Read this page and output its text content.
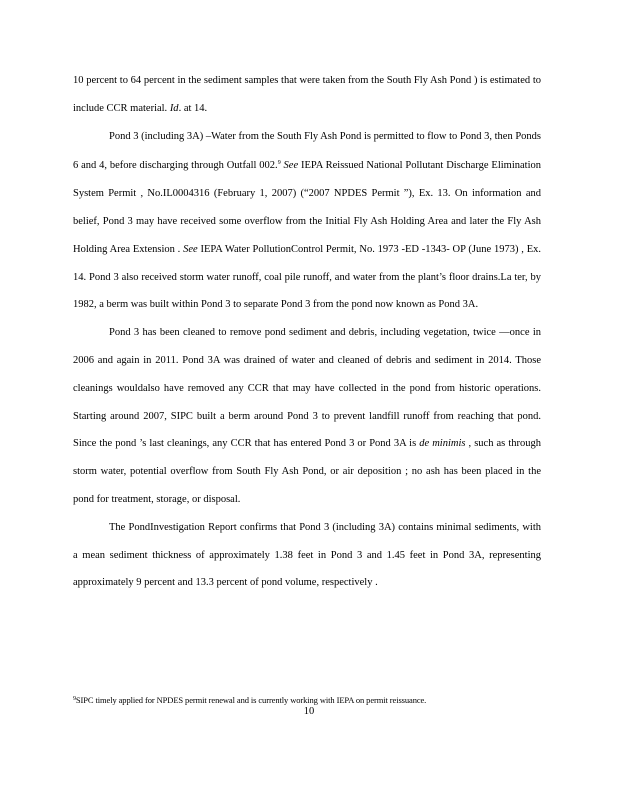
10 percent to 64 percent in the sediment samples that were taken from the South Fly Ash Pond ) is estimated to include CCR material. Id. at 14.

Pond 3 (including 3A) –Water from the South Fly Ash Pond is permitted to flow to Pond 3, then Ponds 6 and 4, before discharging through Outfall 002.$^9$ See IEPA Reissued National Pollutant Discharge Elimination System Permit , No.IL0004316 (February 1, 2007) (“2007 NPDES Permit ”), Ex. 13. On information and belief, Pond 3 may have received some overflow from the Initial Fly Ash Holding Area and later the Fly Ash Holding Area Extension . See IEPA Water PollutionControl Permit, No. 1973 -ED -1343- OP (June 1973) , Ex. 14. Pond 3 also received storm water runoff, coal pile runoff, and water from the plant’s floor drains.La ter, by 1982, a berm was built within Pond 3 to separate Pond 3 from the pond now known as Pond 3A.

Pond 3 has been cleaned to remove pond sediment and debris, including vegetation, twice —once in 2006 and again in 2011. Pond 3A was drained of water and cleaned of debris and sediment in 2014. Those cleanings wouldalso have removed any CCR that may have collected in the pond from historic operations. Starting around 2007, SIPC built a berm around Pond 3 to prevent landfill runoff from reaching that pond. Since the pond ’s last cleanings, any CCR that has entered Pond 3 or Pond 3A is de minimis , such as through storm water, potential overflow from South Fly Ash Pond, or air deposition ; no ash has been placed in the pond for treatment, storage, or disposal.

The PondInvestigation Report confirms that Pond 3 (including 3A) contains minimal sediments, with a mean sediment thickness of approximately 1.38 feet in Pond 3 and 1.45 feet in Pond 3A, representing approximately 9 percent and 13.3 percent of pond volume, respectively .

$^9$SIPC timely applied for NPDES permit renewal and is currently working with IEPA on permit reissuance.
10
